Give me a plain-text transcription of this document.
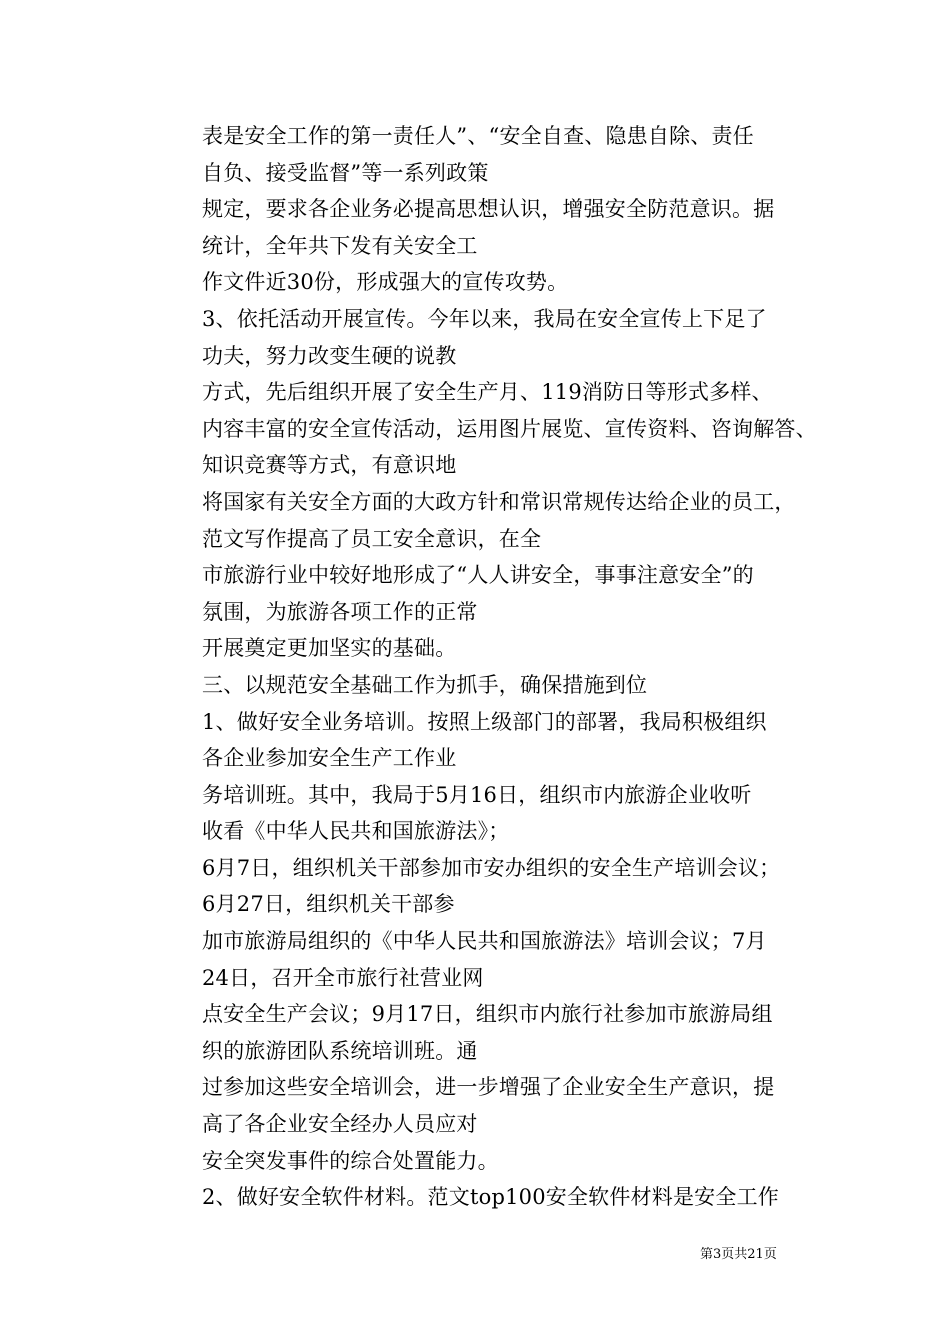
表是安全工作的第一责任人”、“安全自查、隐患自除、责任
自负、接受监督”等一系列政策

规定，要求各企业务必提高思想认识，增强安全防范意识。据
统计，全年共下发有关安全工

作文件近30份，形成强大的宣传攻势。

3、依托活动开展宣传。今年以来，我局在安全宣传上下足了
功夫，努力改变生硬的说教

方式，先后组织开展了安全生产月、119消防日等形式多样、
内容丰富的安全宣传活动，运用图片展览、宣传资料、咨询解答、
知识竞赛等方式，有意识地

将国家有关安全方面的大政方针和常识常规传达给企业的员工，
范文写作提高了员工安全意识，在全

市旅游行业中较好地形成了“人人讲安全，事事注意安全”的
氛围，为旅游各项工作的正常

开展奠定更加坚实的基础。

三、以规范安全基础工作为抓手，确保措施到位

1、做好安全业务培训。按照上级部门的部署，我局积极组织
各企业参加安全生产工作业

务培训班。其中，我局于5月16日，组织市内旅游企业收听
收看《中华人民共和国旅游法》；

6月7日，组织机关干部参加市安办组织的安全生产培训会议；
6月27日，组织机关干部参

加市旅游局组织的《中华人民共和国旅游法》培训会议；7月
24日，召开全市旅行社营业网

点安全生产会议；9月17日，组织市内旅行社参加市旅游局组
织的旅游团队系统培训班。通

过参加这些安全培训会，进一步增强了企业安全生产意识，提
高了各企业安全经办人员应对

安全突发事件的综合处置能力。

2、做好安全软件材料。范文top100安全软件材料是安全工作

第3页共21页
